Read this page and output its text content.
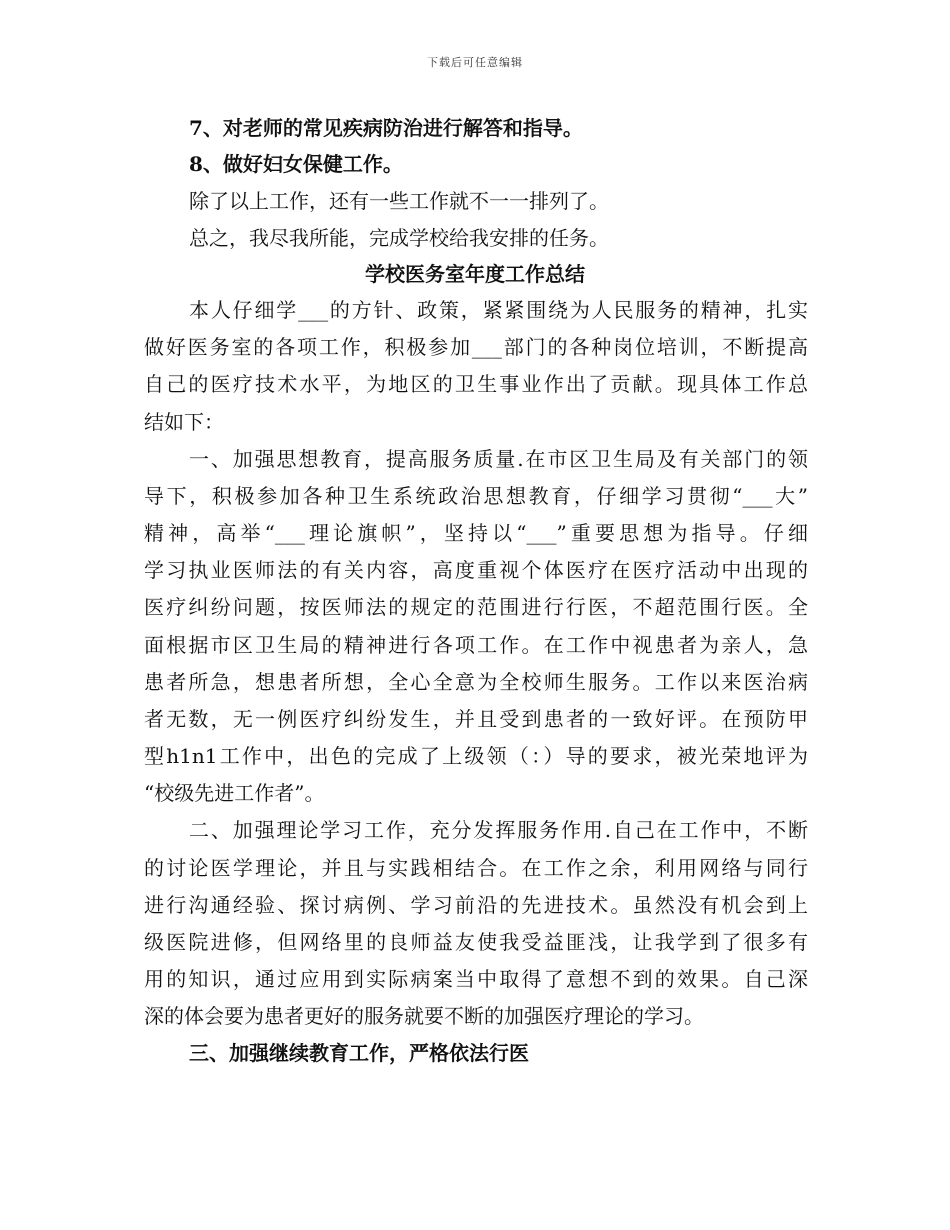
下载后可任意编辑
7、对老师的常见疾病防治进行解答和指导。
8、做好妇女保健工作。
除了以上工作，还有一些工作就不一一排列了。
总之，我尽我所能，完成学校给我安排的任务。
学校医务室年度工作总结
本人仔细学___的方针、政策，紧紧围绕为人民服务的精神，扎实
做好医务室的各项工作，积极参加___部门的各种岗位培训，不断提高
自己的医疗技术水平，为地区的卫生事业作出了贡献。现具体工作总
结如下：
一、加强思想教育，提高服务质量.在市区卫生局及有关部门的领
导下，积极参加各种卫生系统政治思想教育，仔细学习贯彻“___大”
精神，高举“___理论旗帜”，坚持以“___”重要思想为指导。仔细
学习执业医师法的有关内容，高度重视个体医疗在医疗活动中出现的
医疗纠纷问题，按医师法的规定的范围进行行医，不超范围行医。全
面根据市区卫生局的精神进行各项工作。在工作中视患者为亲人，急
患者所急，想患者所想，全心全意为全校师生服务。工作以来医治病
者无数，无一例医疗纠纷发生，并且受到患者的一致好评。在预防甲
型h1n1工作中，出色的完成了上级领（：）导的要求，被光荣地评为
“校级先进工作者”。
二、加强理论学习工作，充分发挥服务作用.自己在工作中，不断
的讨论医学理论，并且与实践相结合。在工作之余，利用网络与同行
进行沟通经验、探讨病例、学习前沿的先进技术。虽然没有机会到上
级医院进修，但网络里的良师益友使我受益匪浅，让我学到了很多有
用的知识，通过应用到实际病案当中取得了意想不到的效果。自己深
深的体会要为患者更好的服务就要不断的加强医疗理论的学习。
三、加强继续教育工作，严格依法行医
